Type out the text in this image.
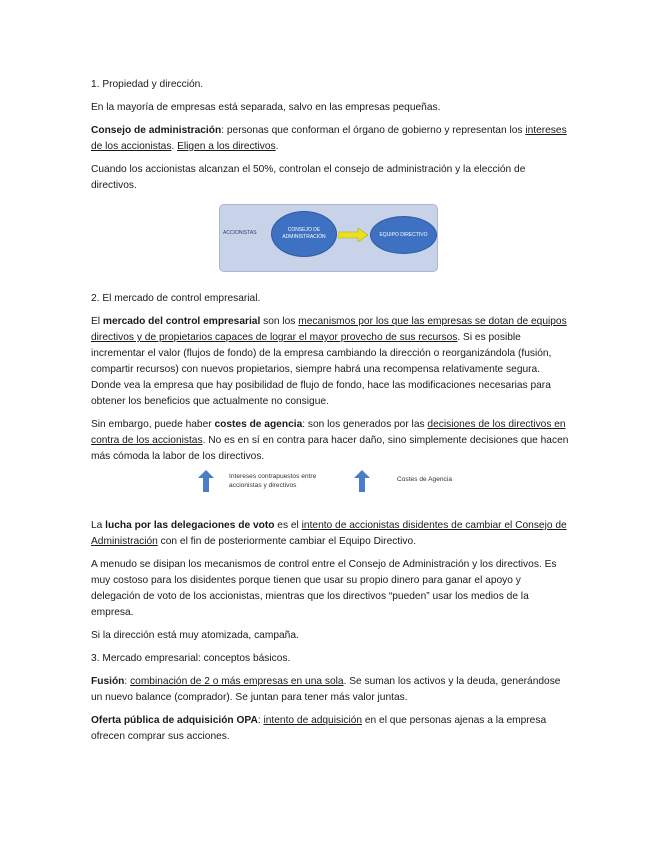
1. Propiedad y dirección.

En la mayoría de empresas está separada, salvo en las empresas pequeñas.

Consejo de administración: personas que conforman el órgano de gobierno y representan los intereses de los accionistas. Eligen a los directivos.

Cuando los accionistas alcanzan el 50%, controlan el consejo de administración y la elección de directivos.

ACCIONISTAS	CONSEJO DE ADMINISTRACIÓN	EQUIPO DIRECTIVO

2. El mercado de control empresarial.

El mercado del control empresarial son los mecanismos por los que las empresas se dotan de equipos directivos y de propietarios capaces de lograr el mayor provecho de sus recursos. Si es posible incrementar el valor (flujos de fondo) de la empresa cambiando la dirección o reorganizándola (fusión, compartir recursos) con nuevos propietarios, siempre habrá una recompensa relativamente segura. Donde vea la empresa que hay posibilidad de flujo de fondo, hace las modificaciones necesarias para obtener los beneficios que actualmente no consigue.

Sin embargo, puede haber costes de agencia: son los generados por las decisiones de los directivos en contra de los accionistas. No es en sí en contra para hacer daño, sino simplemente decisiones que hacen más cómoda la labor de los directivos.

Intereses contrapuestos entre accionistas y directivos
Costes de Agencia

La lucha por las delegaciones de voto es el intento de accionistas disidentes de cambiar el Consejo de Administración con el fin de posteriormente cambiar el Equipo Directivo.

A menudo se disipan los mecanismos de control entre el Consejo de Administración y los directivos. Es muy costoso para los disidentes porque tienen que usar su propio dinero para ganar el apoyo y delegación de voto de los accionistas, mientras que los directivos “pueden” usar los medios de la empresa.

Si la dirección está muy atomizada, campaña.

3. Mercado empresarial: conceptos básicos.

Fusión: combinación de 2 o más empresas en una sola. Se suman los activos y la deuda, generándose un nuevo balance (comprador). Se juntan para tener más valor juntas.

Oferta pública de adquisición OPA: intento de adquisición en el que personas ajenas a la empresa ofrecen comprar sus acciones.
